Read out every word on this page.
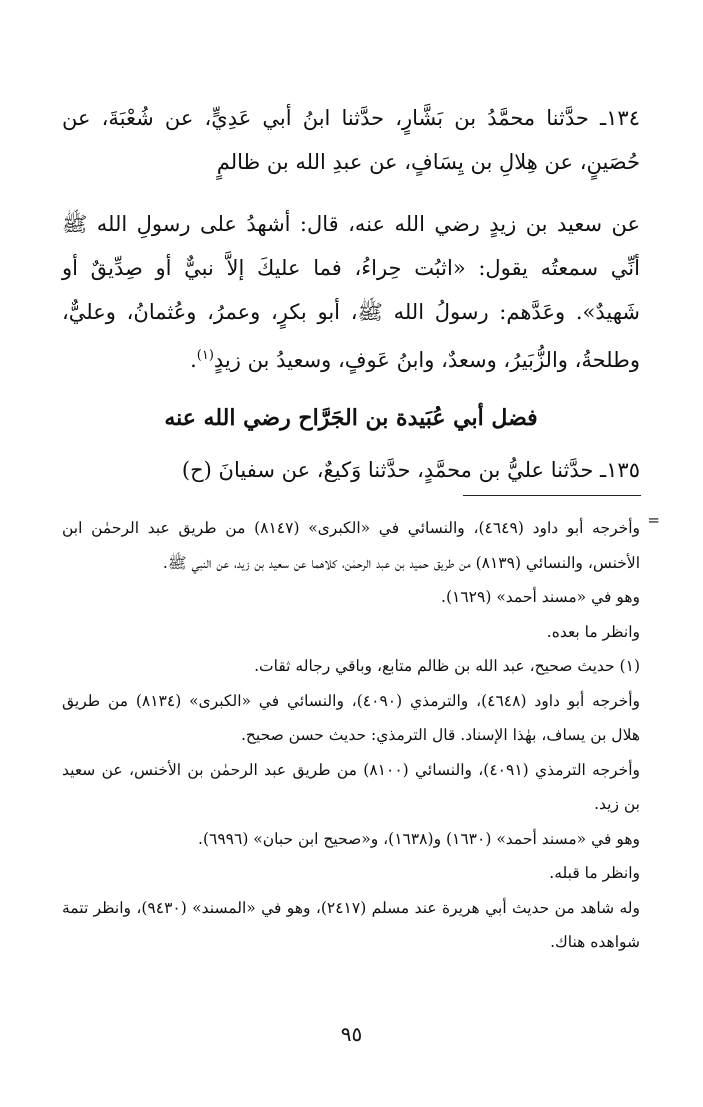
١٣٤ـ حدَّثنا محمَّدُ بن بَشَّارٍ، حدَّثنا ابنُ أبي عَدِيٍّ، عن شُعْبَةَ، عن حُصَينٍ، عن هِلالِ بن يِسَافٍ، عن عبدِ الله بن ظالمٍ

عن سعيد بن زيدٍ رضي الله عنه، قال: أشهدُ على رسولِ الله ﷺ أنِّي سمعتُه يقول: «اثبُت حِراءُ، فما عليكَ إلاَّ نبيٌّ أو صِدِّيقٌ أو شَهيدٌ». وعَدَّهم: رسولُ الله ﷺ، أبو بكرٍ، وعمرُ، وعُثمانُ، وعليٌّ، وطلحةُ، والزُّبَيرُ، وسعدٌ، وابنُ عَوفٍ، وسعيدُ بن زيدٍ$^{(١)}$.

فضل أبي عُبَيدة بن الجَرَّاح رضي الله عنه

١٣٥ـ حدَّثنا عليُّ بن محمَّدٍ، حدَّثنا وَكيعٌ، عن سفيانَ (ح)

=

وأخرجه أبو داود (٤٦٤٩)، والنسائي في «الكبرى» (٨١٤٧) من طريق عبد الرحمٰن ابن الأخنس، والنسائي (٨١٣٩) من طريق حميد بن عبد الرحمٰن، كلاهما عن سعيد بن زيد، عن النبي ﷺ.

وهو في «مسند أحمد» (١٦٢٩).

وانظر ما بعده.

(١) حديث صحيح، عبد الله بن ظالم متابع، وباقي رجاله ثقات.

وأخرجه أبو داود (٤٦٤٨)، والترمذي (٤٠٩٠)، والنسائي في «الكبرى» (٨١٣٤) من طريق هلال بن يساف، بهٰذا الإسناد. قال الترمذي: حديث حسن صحيح.

وأخرجه الترمذي (٤٠٩١)، والنسائي (٨١٠٠) من طريق عبد الرحمٰن بن الأخنس، عن سعيد بن زيد.

وهو في «مسند أحمد» (١٦٣٠) و(١٦٣٨)، و«صحيح ابن حبان» (٦٩٩٦).

وانظر ما قبله.

وله شاهد من حديث أبي هريرة عند مسلم (٢٤١٧)، وهو في «المسند» (٩٤٣٠)، وانظر تتمة شواهده هناك.

٩٥
